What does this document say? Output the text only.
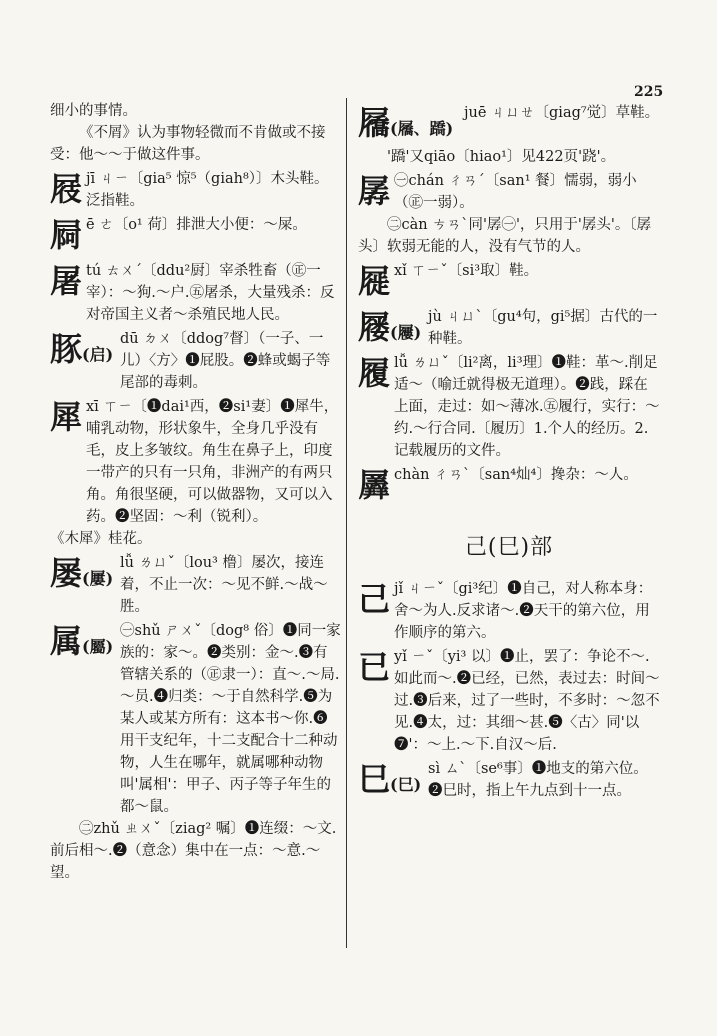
225

细小的事情。

《不屑》认为事物轻微而不肯做或不接受：他～～于做这件事。

屐 jī ㄐㄧ〔gia⁵ 惊⁵（giah⁸）〕木头鞋。泛指鞋。

屙 ē ㄜ〔o¹ 荷〕排泄大小便：～屎。

屠 tú ㄊㄨˊ〔ddu²厨〕宰杀牲畜（㊣一宰）：～狗.～户.㊄屠杀，大量残杀：反对帝国主义者～杀殖民地人民。

豚(启)

dū ㄉㄨ〔ddog⁷督〕（一子、一儿）〈方〉❶屁股。❷蜂或蝎子等尾部的毒刺。

犀 xī ㄒㄧ〔❶dai¹西，❷si¹妻〕❶犀牛，哺乳动物，形状象牛，全身几乎没有毛，皮上多皱纹。角生在鼻子上，印度一带产的只有一只角，非洲产的有两只角。角很坚硬，可以做器物，又可以入药。❷坚固：～利（锐利）。

《木犀》桂花。

屡(屢)

lǚ ㄌㄩˇ〔lou³ 橹〕屡次，接连着，不止一次：～见不鲜.～战～胜。

属(屬)

㊀shǔ ㄕㄨˇ〔dog⁸ 俗〕❶同一家族的：家～。❷类别：金～.❸有管辖关系的（㊣隶一）：直～.～局.～员.❹归类：～于自然科学.❺为某人或某方所有：这本书～你.❻用干支纪年，十二支配合十二种动物，人生在哪年，就属哪种动物叫'属相'：甲子、丙子等子年生的都～鼠。

㊁zhǔ ㄓㄨˇ〔ziag² 嘱〕❶连缀：～文.前后相～.❷（意念）集中在一点：～意.～望。

屩(屩、蹻)

juē ㄐㄩㄝ〔giag⁷觉〕草鞋。

'蹻'又qiāo〔hiao¹〕见422页'跷'。

孱 ㊀chán ㄔㄢˊ〔san¹ 餐〕懦弱，弱小（㊣一弱）。

㊁càn ㄘㄢˋ同'孱㊀'，只用于'孱头'。〔孱头〕软弱无能的人，没有气节的人。

屣 xǐ ㄒㄧˇ〔si³取〕鞋。

屦(屨)

jù ㄐㄩˋ〔gu⁴句，gi⁵据〕古代的一种鞋。

履 lǚ ㄌㄩˇ〔li²离，li³理〕❶鞋：革～.削足适～（喻迁就得极无道理）。❷践，踩在上面，走过：如～薄冰.㊄履行，实行：～约.～行合同.〔履历〕1.个人的经历。2.记载履历的文件。

羼 chàn ㄔㄢˋ〔san⁴灿⁴〕搀杂：～人。

己(巳)部
己 jǐ ㄐㄧˇ〔gi³纪〕❶自己，对人称本身：舍～为人.反求诸～.❷天干的第六位，用作顺序的第六。

已 yǐ ㄧˇ〔yi³ 以〕❶止，罢了：争论不～.如此而～.❷已经，已然，表过去：时间～过.❸后来，过了一些时，不多时：～忽不见.❹太，过：其细～甚.❺〈古〉同'以❼'：～上.～下.自汉～后.

巳(巳)

sì ㄙˋ〔se⁶事〕❶地支的第六位。❷巳时，指上午九点到十一点。
